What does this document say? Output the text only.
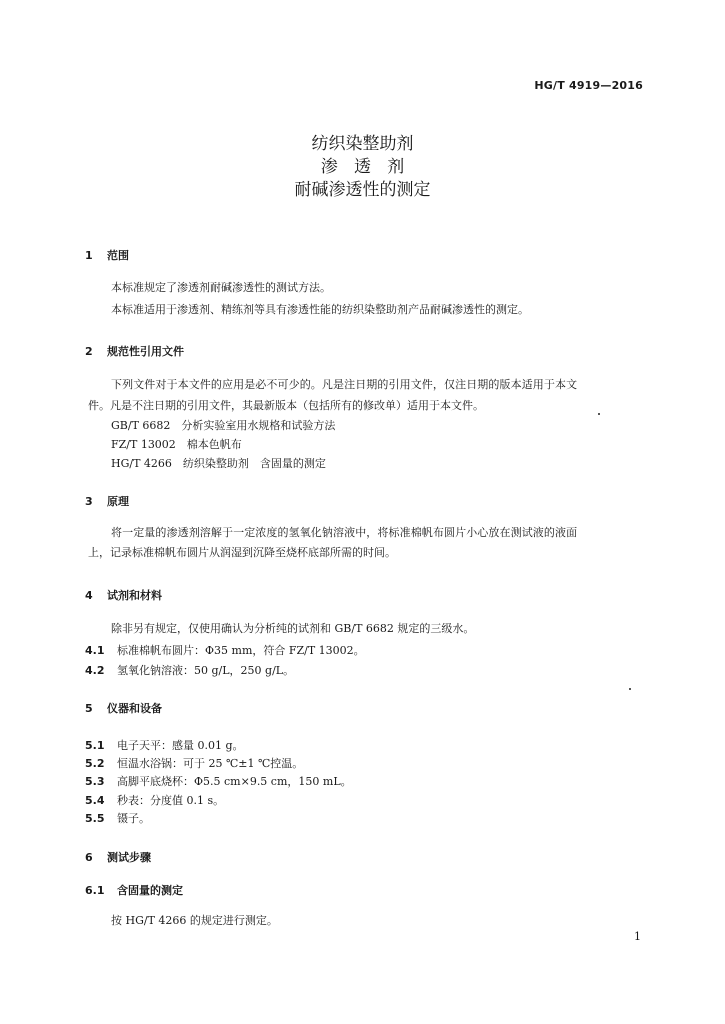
HG/T 4919—2016
纺织染整助剂
渗   透   剂
耐碱渗透性的测定
1 范围
本标准规定了渗透剂耐碱渗透性的测试方法。
本标准适用于渗透剂、精练剂等具有渗透性能的纺织染整助剂产品耐碱渗透性的测定。
2 规范性引用文件
下列文件对于本文件的应用是必不可少的。凡是注日期的引用文件，仅注日期的版本适用于本文
件。凡是不注日期的引用文件，其最新版本（包括所有的修改单）适用于本文件。
GB/T 6682　分析实验室用水规格和试验方法
FZ/T 13002　棉本色帆布
HG/T 4266　纺织染整助剂　含固量的测定
3 原理
将一定量的渗透剂溶解于一定浓度的氢氧化钠溶液中，将标准棉帆布圆片小心放在测试液的液面
上，记录标准棉帆布圆片从润湿到沉降至烧杯底部所需的时间。
4 试剂和材料
除非另有规定，仅使用确认为分析纯的试剂和 GB/T 6682 规定的三级水。
4.1 标准棉帆布圆片：Φ35 mm，符合 FZ/T 13002。
4.2 氢氧化钠溶液：50 g/L，250 g/L。
5 仪器和设备
5.1 电子天平：感量 0.01 g。
5.2 恒温水浴锅：可于 25 ℃±1 ℃控温。
5.3 高脚平底烧杯：Φ5.5 cm×9.5 cm，150 mL。
5.4 秒表：分度值 0.1 s。
5.5 镊子。
6 测试步骤
6.1 含固量的测定
按 HG/T 4266 的规定进行测定。
1
